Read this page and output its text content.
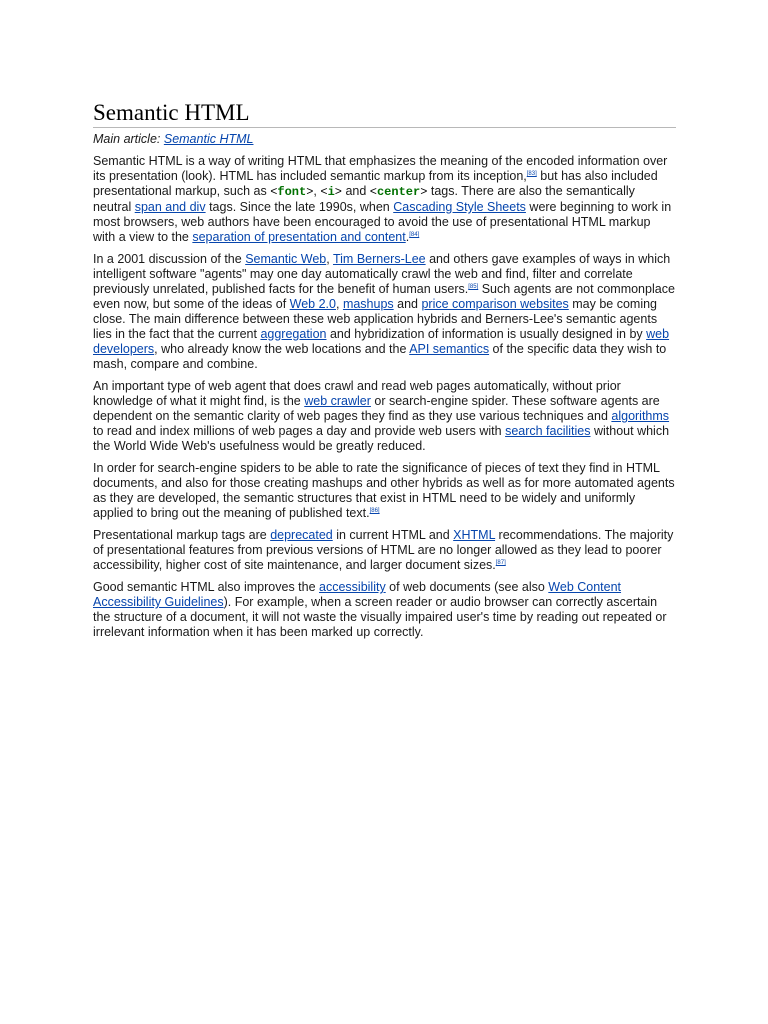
Semantic HTML
Main article: Semantic HTML

Semantic HTML is a way of writing HTML that emphasizes the meaning of the encoded information over its presentation (look). HTML has included semantic markup from its inception,[83] but has also included presentational markup, such as <font>, <i> and <center> tags. There are also the semantically neutral span and div tags. Since the late 1990s, when Cascading Style Sheets were beginning to work in most browsers, web authors have been encouraged to avoid the use of presentational HTML markup with a view to the separation of presentation and content.[84]

In a 2001 discussion of the Semantic Web, Tim Berners-Lee and others gave examples of ways in which intelligent software "agents" may one day automatically crawl the web and find, filter and correlate previously unrelated, published facts for the benefit of human users.[85] Such agents are not commonplace even now, but some of the ideas of Web 2.0, mashups and price comparison websites may be coming close. The main difference between these web application hybrids and Berners-Lee's semantic agents lies in the fact that the current aggregation and hybridization of information is usually designed in by web developers, who already know the web locations and the API semantics of the specific data they wish to mash, compare and combine.

An important type of web agent that does crawl and read web pages automatically, without prior knowledge of what it might find, is the web crawler or search-engine spider. These software agents are dependent on the semantic clarity of web pages they find as they use various techniques and algorithms to read and index millions of web pages a day and provide web users with search facilities without which the World Wide Web's usefulness would be greatly reduced.

In order for search-engine spiders to be able to rate the significance of pieces of text they find in HTML documents, and also for those creating mashups and other hybrids as well as for more automated agents as they are developed, the semantic structures that exist in HTML need to be widely and uniformly applied to bring out the meaning of published text.[86]

Presentational markup tags are deprecated in current HTML and XHTML recommendations. The majority of presentational features from previous versions of HTML are no longer allowed as they lead to poorer accessibility, higher cost of site maintenance, and larger document sizes.[87]

Good semantic HTML also improves the accessibility of web documents (see also Web Content Accessibility Guidelines). For example, when a screen reader or audio browser can correctly ascertain the structure of a document, it will not waste the visually impaired user's time by reading out repeated or irrelevant information when it has been marked up correctly.
